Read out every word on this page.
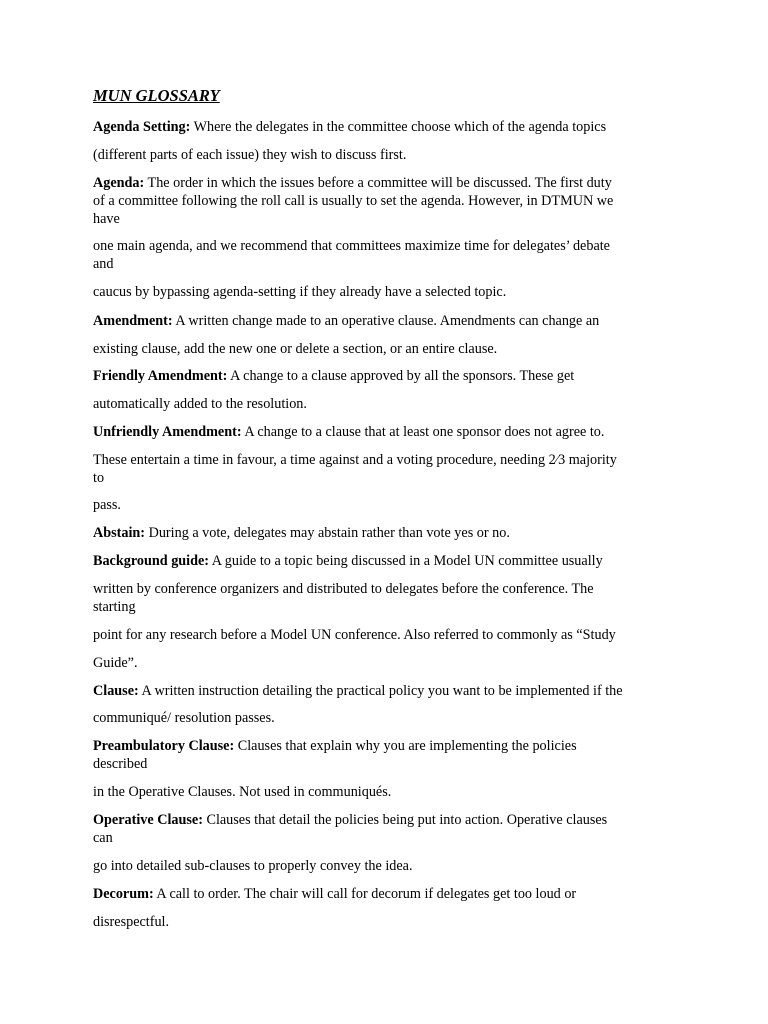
MUN GLOSSARY
Agenda Setting: Where the delegates in the committee choose which of the agenda topics
(different parts of each issue) they wish to discuss first.
Agenda: The order in which the issues before a committee will be discussed. The first duty
of a committee following the roll call is usually to set the agenda. However, in DTMUN we
have
one main agenda, and we recommend that committees maximize time for delegates’ debate
and
caucus by bypassing agenda-setting if they already have a selected topic.
Amendment: A written change made to an operative clause. Amendments can change an
existing clause, add the new one or delete a section, or an entire clause.
Friendly Amendment: A change to a clause approved by all the sponsors. These get
automatically added to the resolution.
Unfriendly Amendment: A change to a clause that at least one sponsor does not agree to.
These entertain a time in favour, a time against and a voting procedure, needing 2⁄3 majority
to
pass.
Abstain: During a vote, delegates may abstain rather than vote yes or no.
Background guide: A guide to a topic being discussed in a Model UN committee usually
written by conference organizers and distributed to delegates before the conference. The
starting
point for any research before a Model UN conference. Also referred to commonly as “Study
Guide”.
Clause: A written instruction detailing the practical policy you want to be implemented if the
communiqué/ resolution passes.
Preambulatory Clause: Clauses that explain why you are implementing the policies
described
in the Operative Clauses. Not used in communiqués.
Operative Clause: Clauses that detail the policies being put into action. Operative clauses
can
go into detailed sub-clauses to properly convey the idea.
Decorum: A call to order. The chair will call for decorum if delegates get too loud or
disrespectful.
